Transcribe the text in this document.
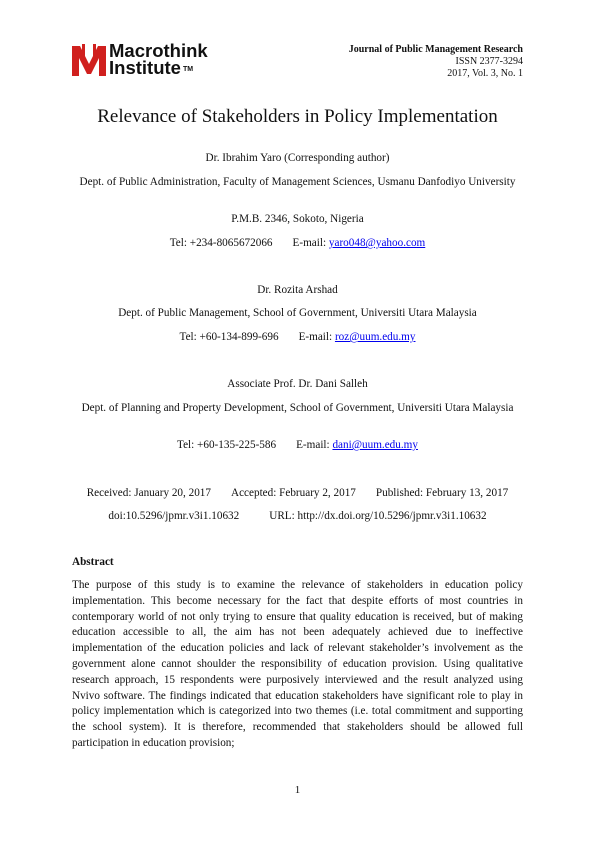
Macrothink
Institute ™
Journal of Public Management Research
ISSN 2377-3294
2017, Vol. 3, No. 1
Relevance of Stakeholders in Policy Implementation
Dr. Ibrahim Yaro (Corresponding author)
Dept. of Public Administration, Faculty of Management Sciences, Usmanu Danfodiyo University
P.M.B. 2346, Sokoto, Nigeria
Tel: +234-8065672066 E-mail: yaro048@yahoo.com
Dr. Rozita Arshad
Dept. of Public Management, School of Government, Universiti Utara Malaysia
Tel: +60-134-899-696 E-mail: roz@uum.edu.my
Associate Prof. Dr. Dani Salleh
Dept. of Planning and Property Development, School of Government, Universiti Utara Malaysia
Tel: +60-135-225-586 E-mail: dani@uum.edu.my
Received: January 20, 2017 Accepted: February 2, 2017 Published: February 13, 2017
doi:10.5296/jpmr.v3i1.10632	URL: http://dx.doi.org/10.5296/jpmr.v3i1.10632
Abstract
The purpose of this study is to examine the relevance of stakeholders in education policy implementation. This become necessary for the fact that despite efforts of most countries in contemporary world of not only trying to ensure that quality education is received, but of making education accessible to all, the aim has not been adequately achieved due to ineffective implementation of the education policies and lack of relevant stakeholder’s involvement as the government alone cannot shoulder the responsibility of education provision. Using qualitative research approach, 15 respondents were purposively interviewed and the result analyzed using Nvivo software. The findings indicated that education stakeholders have significant role to play in policy implementation which is categorized into two themes (i.e. total commitment and supporting the school system). It is therefore, recommended that stakeholders should be allowed full participation in education provision;
1
